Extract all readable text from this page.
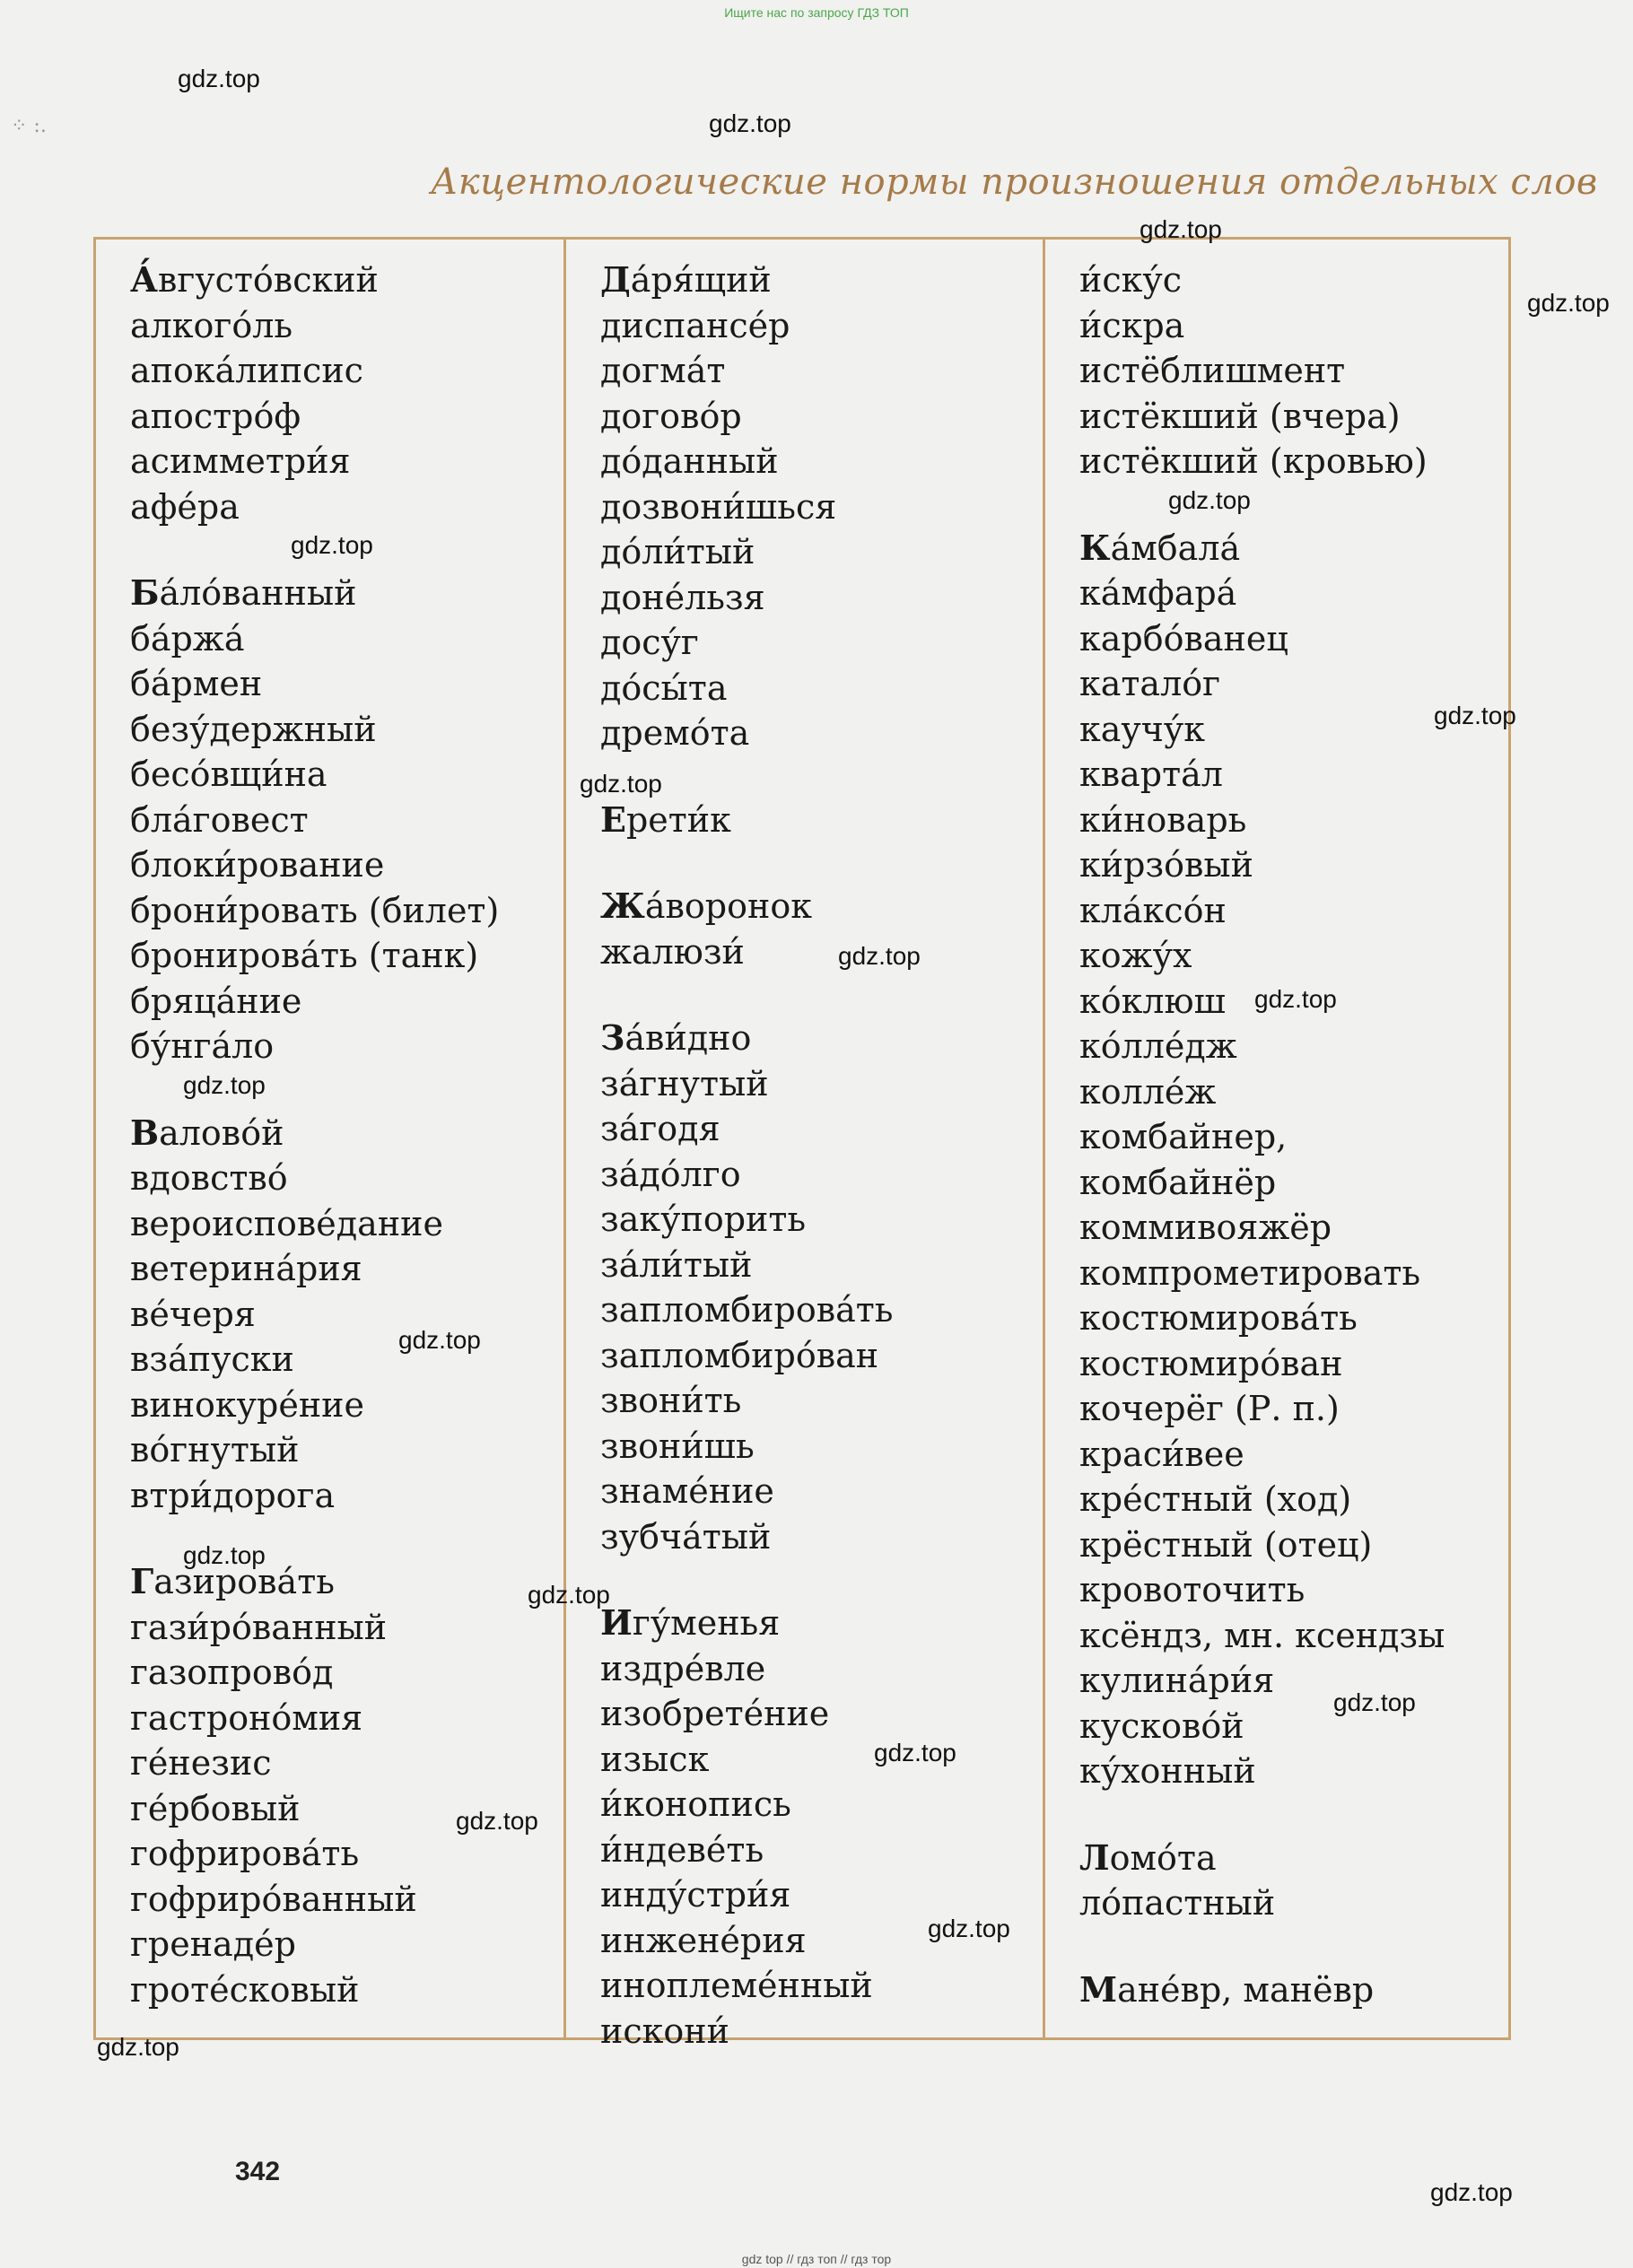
Ищите нас по запросу ГДЗ ТОП
⁘ :.
Акцентологические нормы произношения отдельных слов
А́вгусто́вский
алкого́ль
апока́липсис
апостро́ф
асимметри́я
афе́ра
Ба́ло́ванный
ба́ржа́
ба́рмен
безу́держный
бесо́вщи́на
бла́говест
блоки́рование
брони́ровать (билет)
бронирова́ть (танк)
бряца́ние
бу́нга́ло
Валово́й
вдовство́
вероиспове́дание
ветерина́рия
ве́черя
взáпуски
винокуре́ние
во́гнутый
втри́дорога
Газирова́ть
гази́ро́ванный
газопрово́д
гастроно́мия
ге́незис
ге́рбовый
гофрирова́ть
гофриро́ванный
гренаде́р
гроте́сковый
Да́ря́щий
диспансе́р
догма́т
догово́р
до́данный
дозвони́шься
до́ли́тый
доне́льзя
досу́г
до́сы́та
дремо́та
Ерети́к
Жа́воронок
жалюзи́
За́ви́дно
за́гнутый
за́годя
за́до́лго
заку́порить
за́ли́тый
запломбирова́ть
запломбиро́ван
звони́ть
звони́шь
знаме́ние
зубча́тый
Игу́менья
издре́вле
изобрете́ние
изыск
и́конопись
и́ндеве́ть
инду́стри́я
инжене́рия
иноплеме́нный
искони́
и́ску́с
и́скра
истёблишмент
истёкший (вчера)
истёкший (кровью)
Ка́мбала́
ка́мфара́
карбо́ванец
катало́г
каучу́к
кварта́л
ки́новарь
ки́рзо́вый
кла́ксо́н
кожу́х
ко́клюш
ко́лле́дж
колле́ж
комбайнер,
комбайнёр
коммивояжёр
компрометировать
костюмирова́ть
костюмиро́ван
кочерёг (Р. п.)
краси́вее
кре́стный (ход)
крёстный (отец)
кровоточить
ксёндз, мн. ксендзы
кулина́ри́я
кусково́й
ку́хонный
Ломо́та
ло́пастный
Мане́вр, манёвр
342
gdz.top
gdz.top
gdz.top
gdz.top
gdz.top
gdz.top
gdz.top
gdz.top
gdz.top
gdz.top
gdz.top
gdz.top
gdz.top
gdz.top
gdz.top
gdz.top
gdz.top
gdz.top
gdz.top
gdz.top
gdz top // гдз топ // гдз тор
